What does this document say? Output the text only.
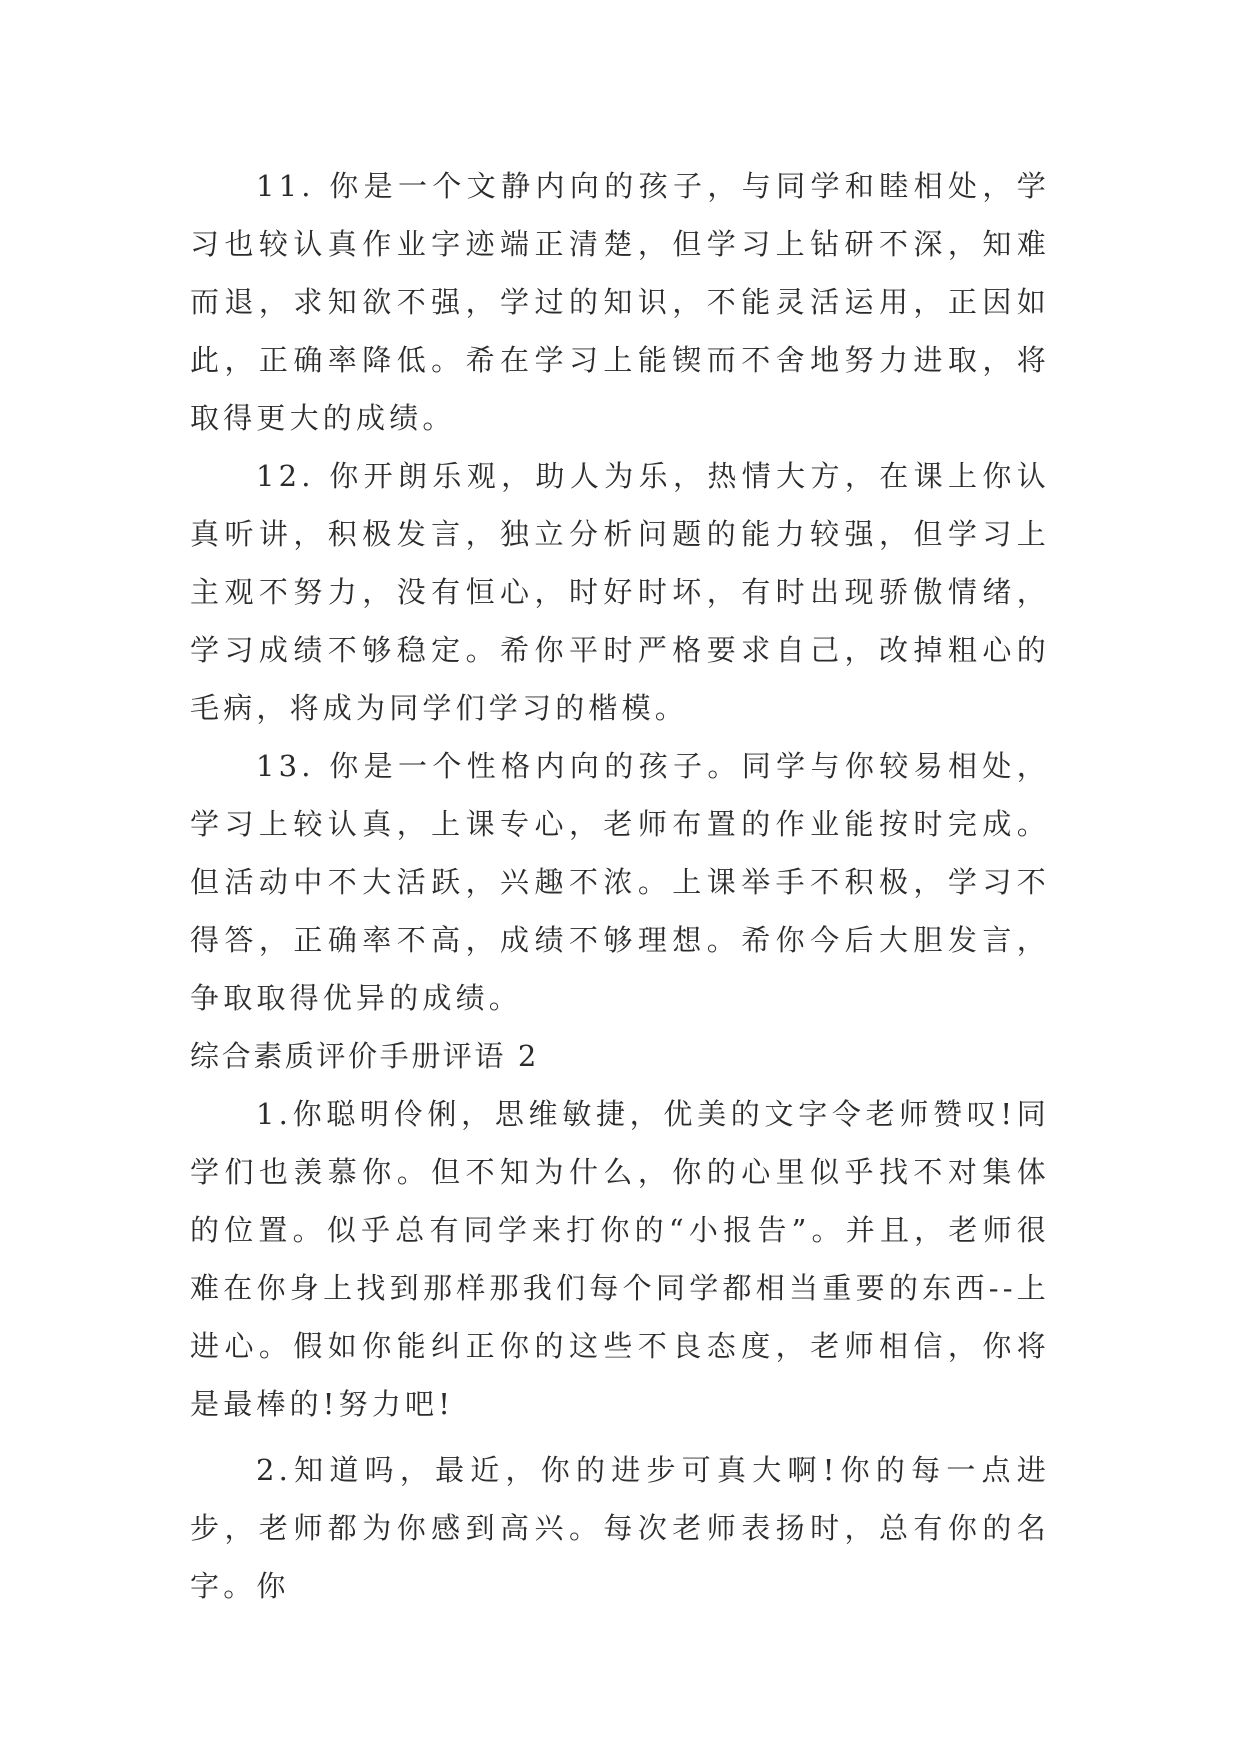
11. 你是一个文静内向的孩子，与同学和睦相处，学习也较认真作业字迹端正清楚，但学习上钻研不深，知难而退，求知欲不强，学过的知识，不能灵活运用，正因如此，正确率降低。希在学习上能锲而不舍地努力进取，将取得更大的成绩。

12. 你开朗乐观，助人为乐，热情大方，在课上你认真听讲，积极发言，独立分析问题的能力较强，但学习上主观不努力，没有恒心，时好时坏，有时出现骄傲情绪，学习成绩不够稳定。希你平时严格要求自己，改掉粗心的毛病，将成为同学们学习的楷模。

13. 你是一个性格内向的孩子。同学与你较易相处，学习上较认真，上课专心，老师布置的作业能按时完成。但活动中不大活跃，兴趣不浓。上课举手不积极，学习不得答，正确率不高，成绩不够理想。希你今后大胆发言，争取取得优异的成绩。

综合素质评价手册评语 2

1.你聪明伶俐，思维敏捷，优美的文字令老师赞叹!同学们也羡慕你。但不知为什么，你的心里似乎找不对集体的位置。似乎总有同学来打你的“小报告”。并且，老师很难在你身上找到那样那我们每个同学都相当重要的东西--上进心。假如你能纠正你的这些不良态度，老师相信，你将是最棒的!努力吧!

2.知道吗，最近，你的进步可真大啊!你的每一点进步，老师都为你感到高兴。每次老师表扬时，总有你的名字。你
